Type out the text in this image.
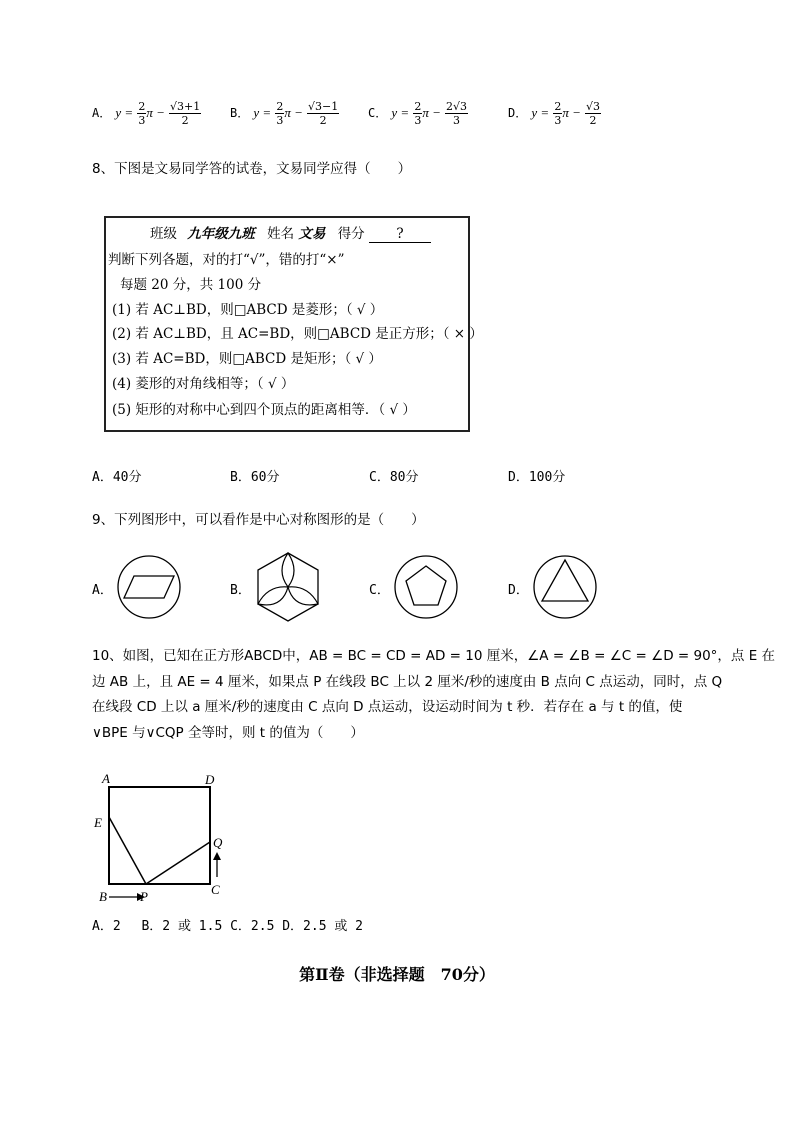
A． $y = \frac{2}{3}$ $\pi - \frac{√3+1}{2}$ B． $y = \frac{2}{3}$ $\pi - \frac{√3-1}{2}$ C． $y = \frac{2}{3}$ $\pi - \frac{2√3}{3}$	D． $y = \frac{2}{3}$ $\pi - \frac{√3}{2}$
8、下图是文易同学答的试卷，文易同学应得（　　）
班级 九年级九班 姓名 文易 得分 ?
判断下列各题，对的打“√”，错的打“×”
每题 20 分，共 100 分
(1) 若 AC⊥BD，则□ABCD 是菱形；（ √ ）
(2) 若 AC⊥BD，且 AC=BD，则□ABCD 是正方形；（ × ）
(3) 若 AC=BD，则□ABCD 是矩形；（ √ ）
(4) 菱形的对角线相等；（ √ ）
(5) 矩形的对称中心到四个顶点的距离相等．（ √ ）
A．40分	B．60分	C．80分	D．100分
9、下列图形中，可以看作是中心对称图形的是（　　）
A．	B．	C．	D．
10、如图，已知在正方形ABCD中，AB = BC = CD = AD = 10 厘米，∠A = ∠B = ∠C = ∠D = 90°，点 E 在
边 AB 上，且 AE = 4 厘米，如果点 P 在线段 BC 上以 2 厘米/秒的速度由 B 点向 C 点运动，同时，点 Q
在线段 CD 上以 a 厘米/秒的速度由 C 点向 D 点运动，设运动时间为 t 秒．若存在 a 与 t 的值，使
∨BPE 与∨CQP 全等时，则 t 的值为（　　）
A	D
E
Q
B	P	C
A．2　 B．2 或 1.5 C．2.5 D．2.5 或 2
第Ⅱ卷（非选择题　70分）
